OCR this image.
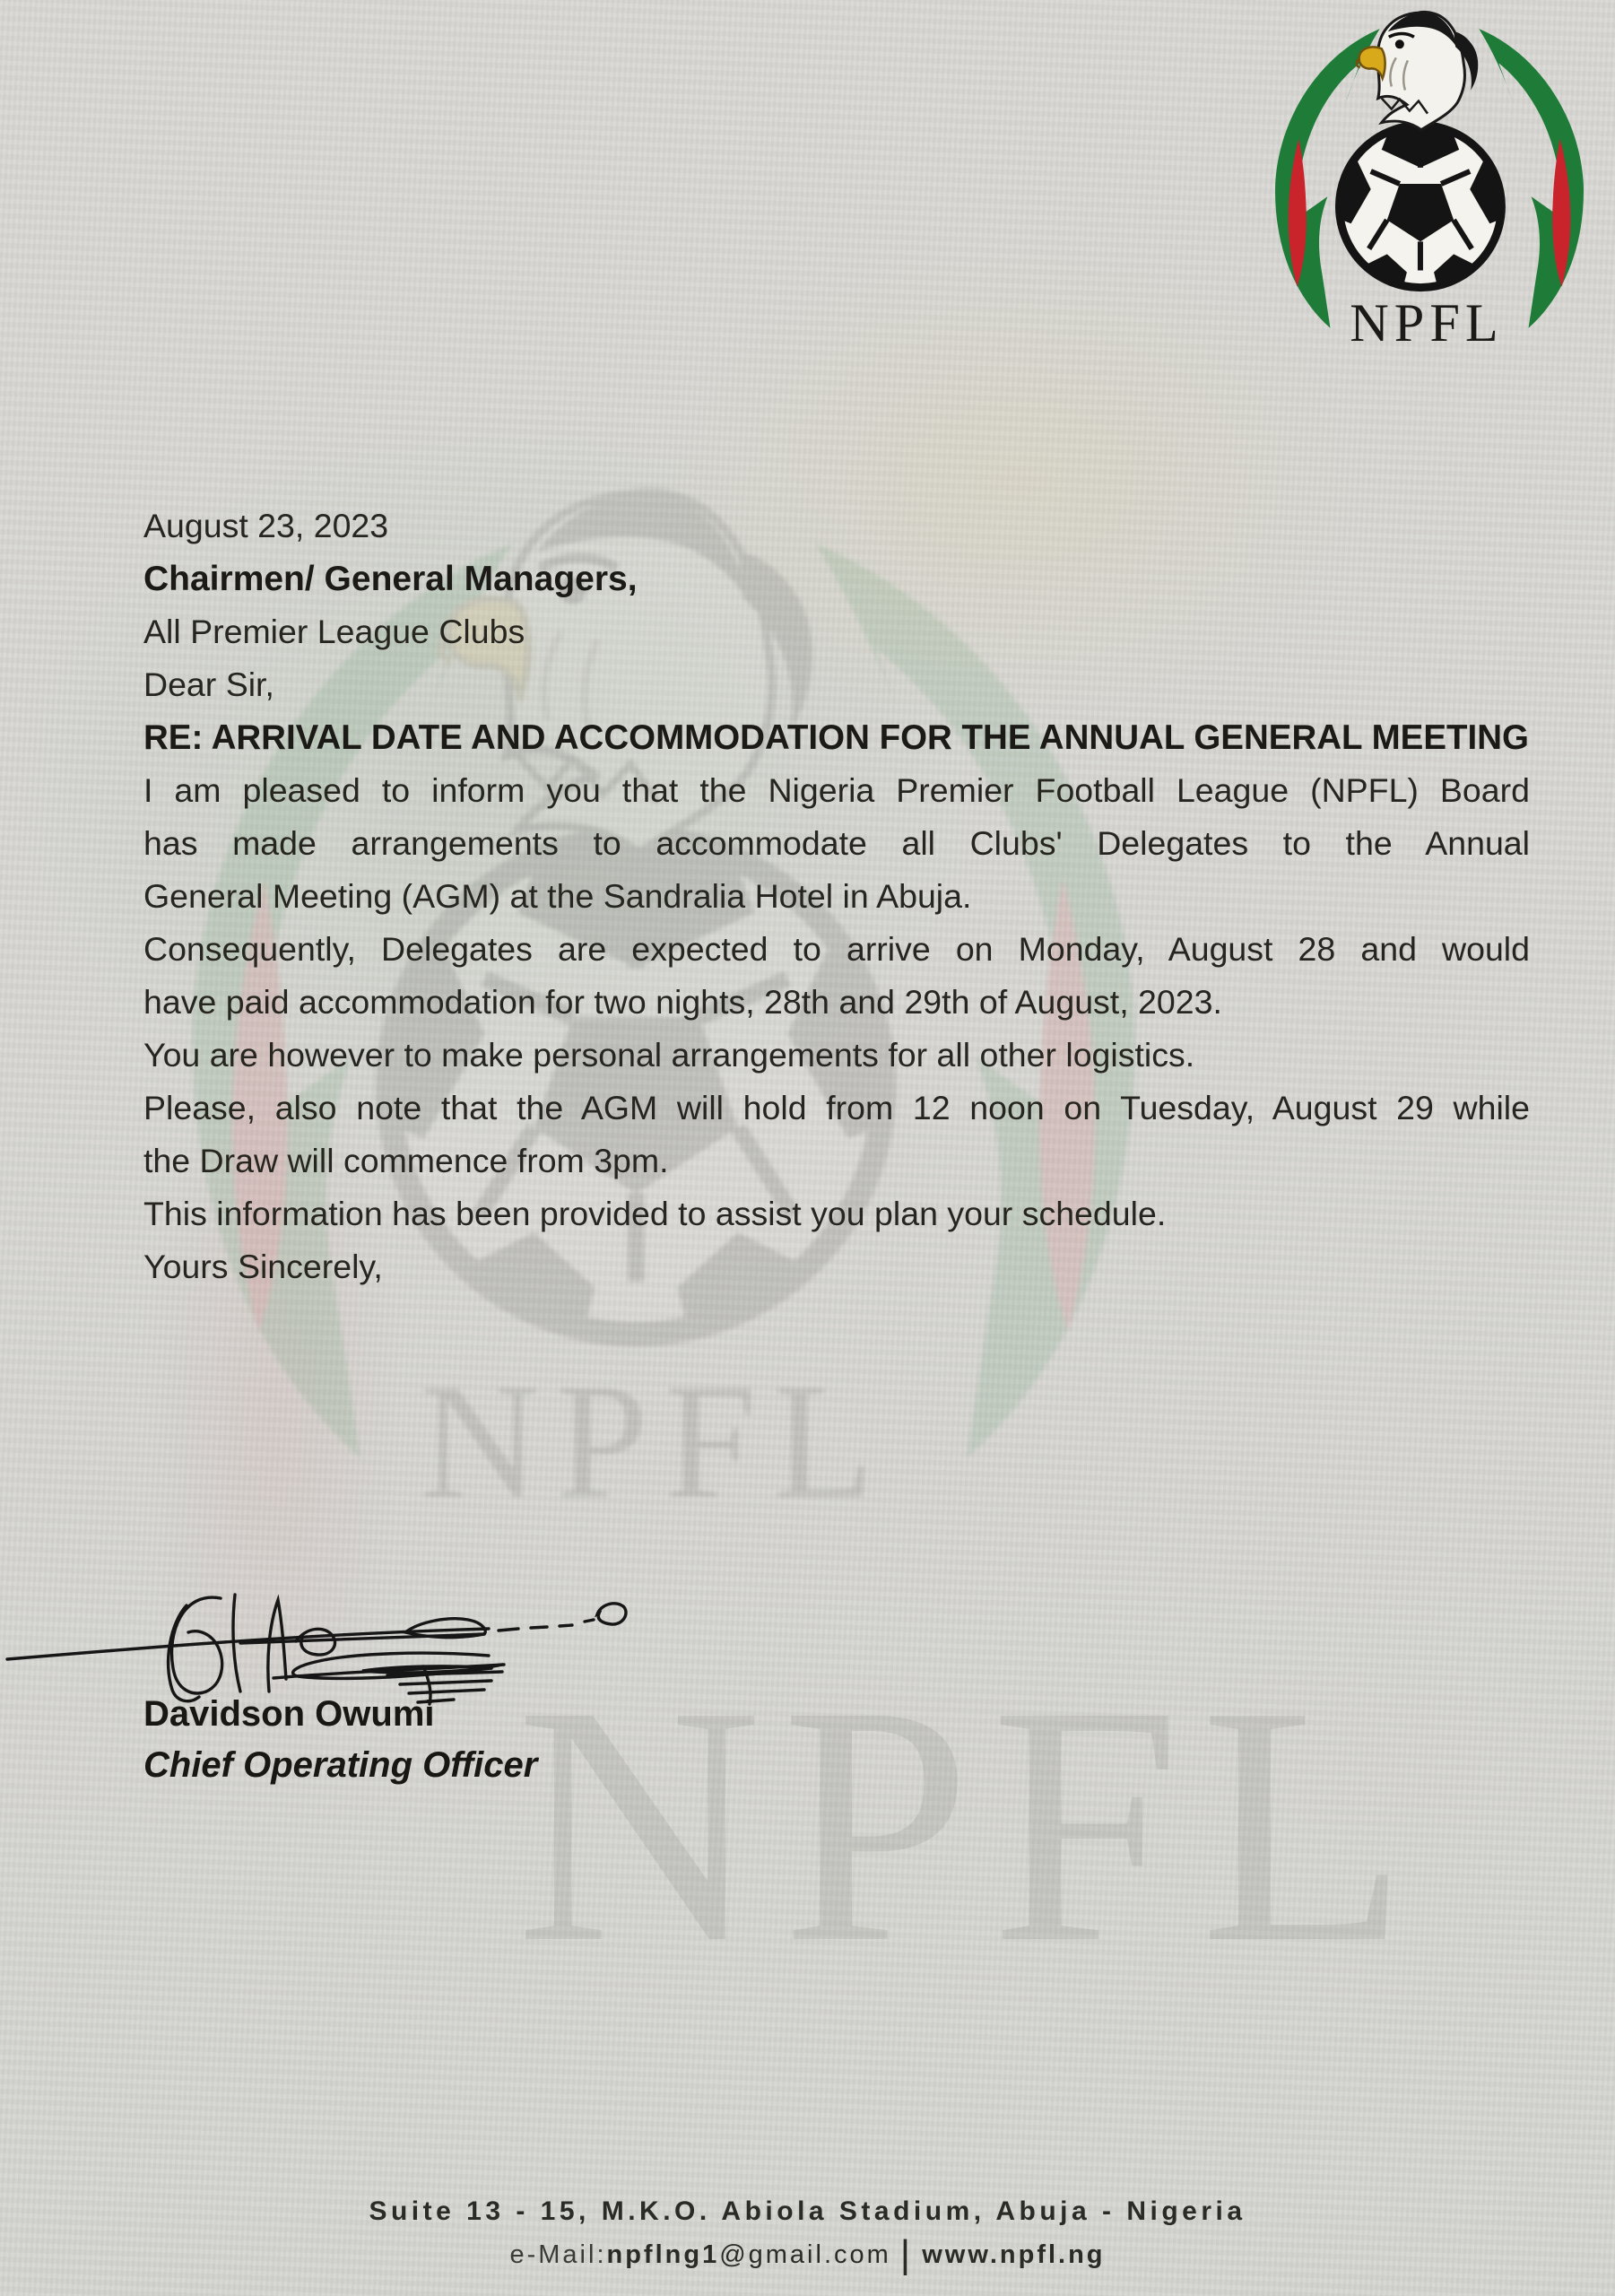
NPFL
NPFL
August 23, 2023
Chairmen/ General Managers,
All Premier League Clubs
Dear Sir,
RE: ARRIVAL DATE AND ACCOMMODATION FOR THE ANNUAL GENERAL MEETING
I am pleased to inform you that the Nigeria Premier Football League (NPFL) Board
has made arrangements to accommodate all Clubs' Delegates to the Annual
General Meeting (AGM) at the Sandralia Hotel in Abuja.
Consequently, Delegates are expected to arrive on Monday, August 28 and would
have paid accommodation for two nights, 28th and 29th of August, 2023.
You are however to make personal arrangements for all other logistics.
Please, also note that the AGM will hold from 12 noon on Tuesday, August 29 while
the Draw will commence from 3pm.
This information has been provided to assist you plan your schedule.
Yours Sincerely,
Davidson Owumi
Chief Operating Officer
Suite 13 - 15, M.K.O. Abiola Stadium, Abuja - Nigeria
e-Mail:npflng1@gmail.com | www.npfl.ng
